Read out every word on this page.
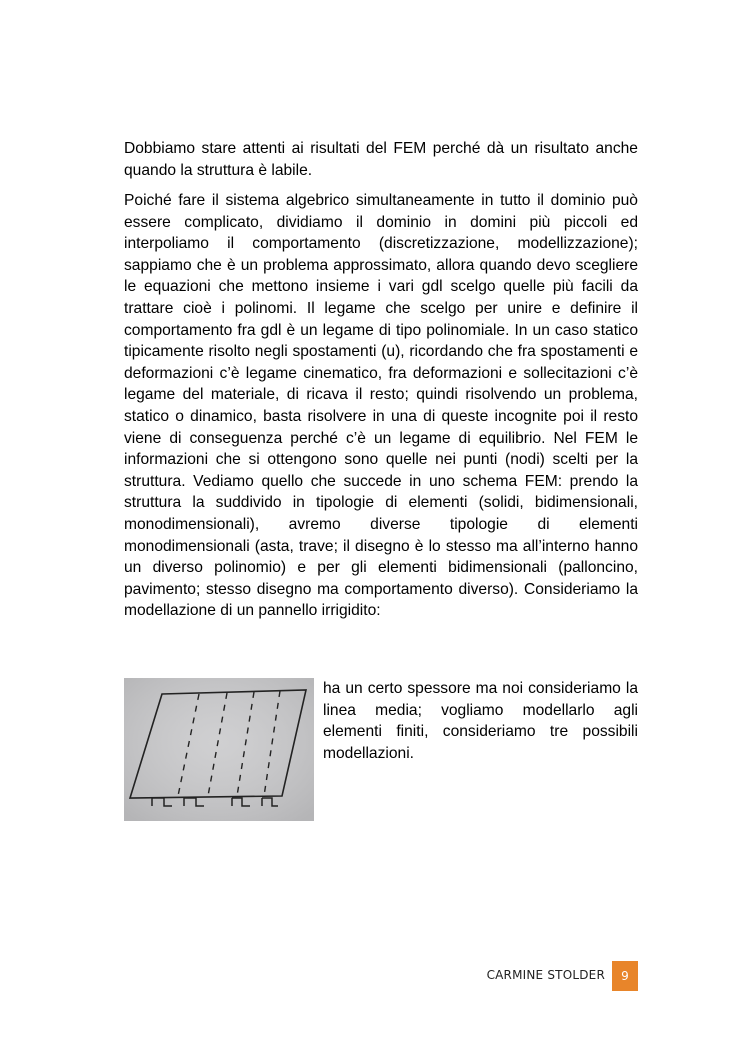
Dobbiamo stare attenti ai risultati del FEM perché dà un risultato anche quando la struttura è labile.

Poiché fare il sistema algebrico simultaneamente in tutto il dominio può essere complicato, dividiamo il dominio in domini più piccoli ed interpoliamo il comportamento (discretizzazione, modellizzazione); sappiamo che è un problema approssimato, allora quando devo scegliere le equazioni che mettono insieme i vari gdl scelgo quelle più facili da trattare cioè i polinomi. Il legame che scelgo per unire e definire il comportamento fra gdl è un legame di tipo polinomiale. In un caso statico tipicamente risolto negli spostamenti (u), ricordando che fra spostamenti e deformazioni c’è legame cinematico, fra deformazioni e sollecitazioni c’è legame del materiale, di ricava il resto; quindi risolvendo un problema, statico o dinamico, basta risolvere in una di queste incognite poi il resto viene di conseguenza perché c’è un legame di equilibrio. Nel FEM le informazioni che si ottengono sono quelle nei punti (nodi) scelti per la struttura. Vediamo quello che succede in uno schema FEM: prendo la struttura la suddivido in tipologie di elementi (solidi, bidimensionali, monodimensionali), avremo diverse tipologie di elementi monodimensionali (asta, trave; il disegno è lo stesso ma all’interno hanno un diverso polinomio) e per gli elementi bidimensionali (palloncino, pavimento; stesso disegno ma comportamento diverso). Consideriamo la modellazione di un pannello irrigidito:

ha un certo spessore ma noi consideriamo la linea media; vogliamo modellarlo agli elementi finiti, consideriamo tre possibili modellazioni.

CARMINE STOLDER	9
